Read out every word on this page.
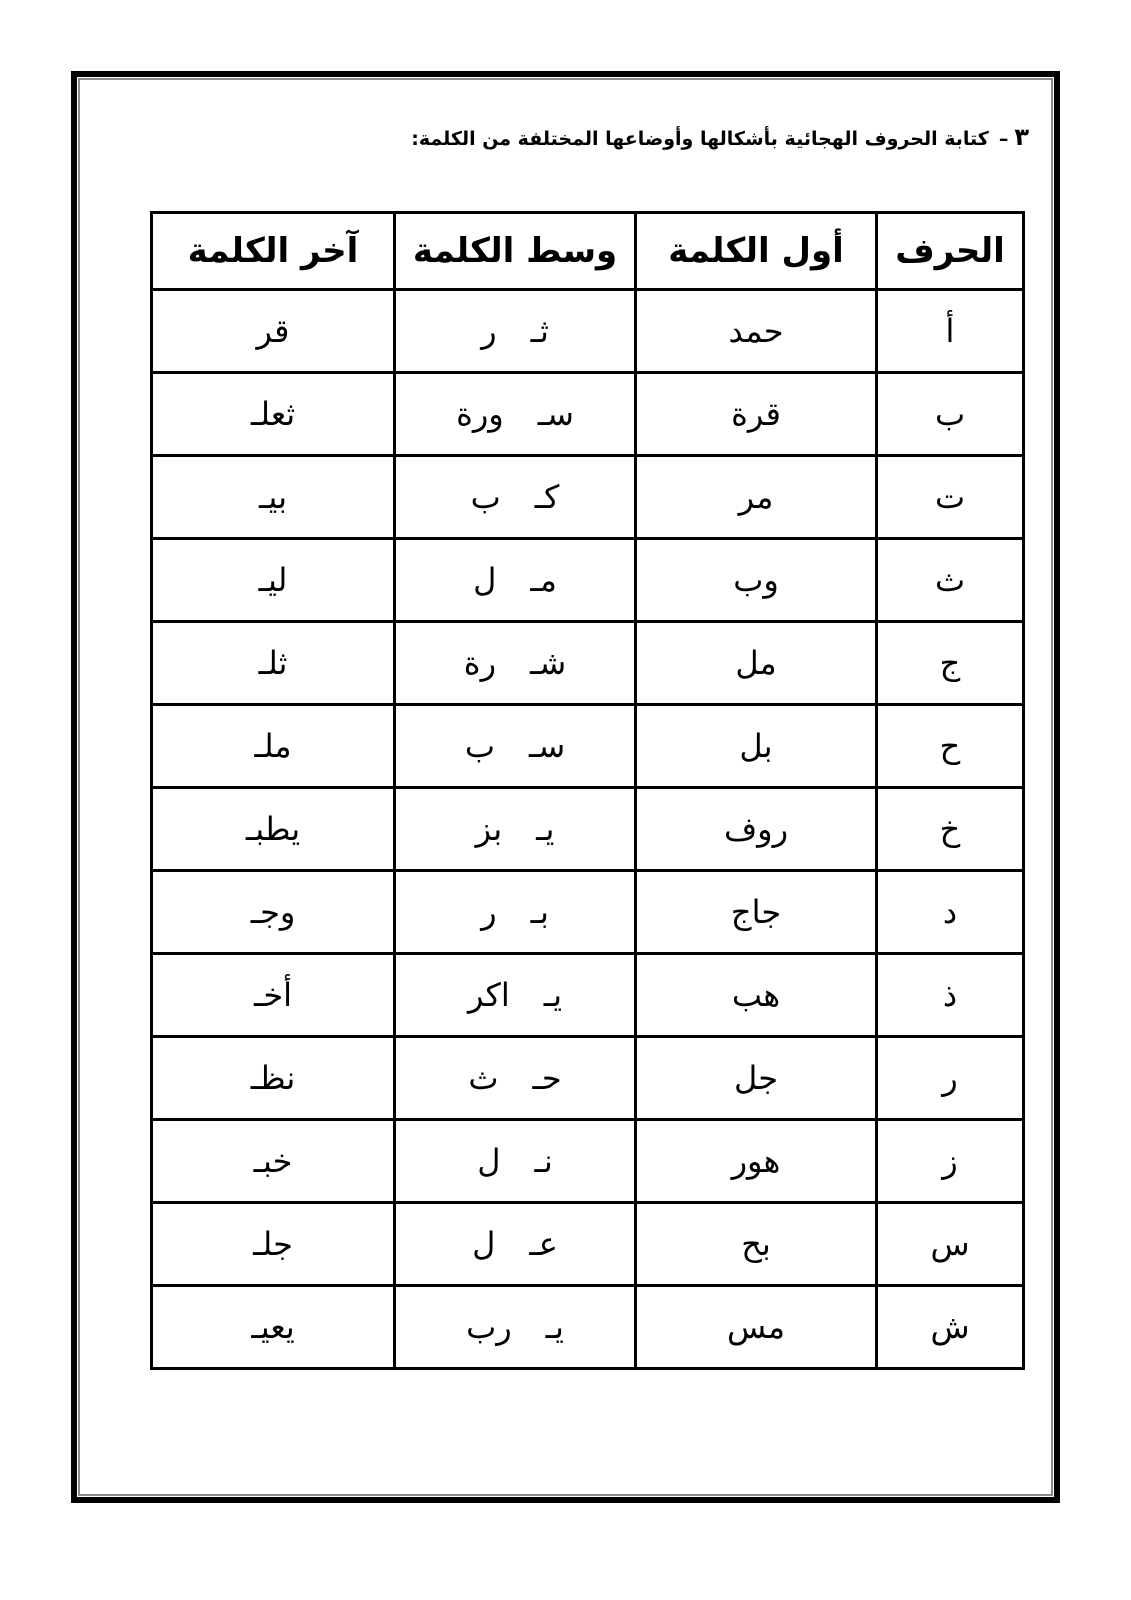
٣–كتابة الحروف الهجائية بأشكالها وأوضاعها المختلفة من الكلمة:
الحرف	أول الكلمة	وسط الكلمة	آخر الكلمة
أ	حمد	ثـر	قر
ب	قرة	سـورة	ثعلـ
ت	مر	كـب	بيـ
ث	وب	مـل	ليـ
ج	مل	شـرة	ثلـ
ح	بل	سـب	ملـ
خ	روف	يـبز	يطبـ
د	جاج	بـر	وجـ
ذ	هب	يـاكر	أخـ
ر	جل	حـث	نظـ
ز	هور	نـل	خبـ
س	بح	عـل	جلـ
ش	مس	يـرب	يعيـ
